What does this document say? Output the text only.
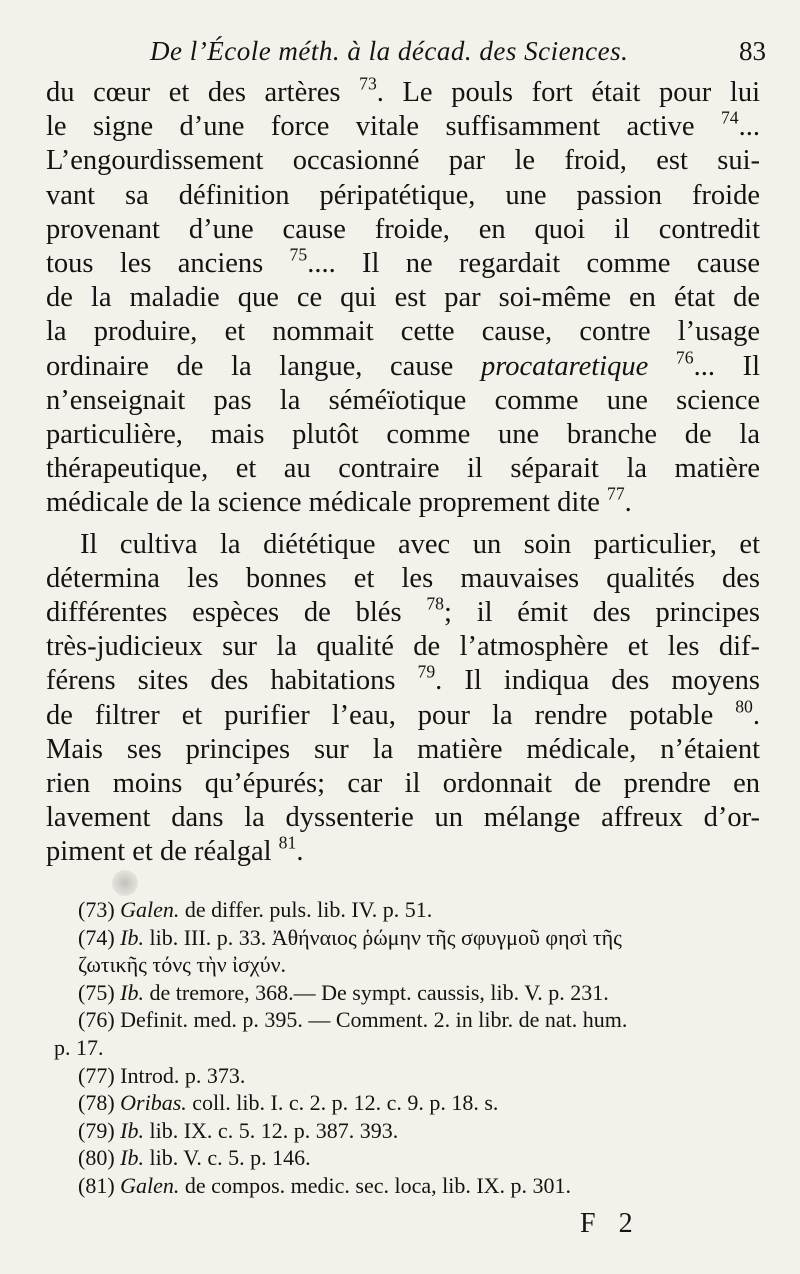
De l’École méth. à la décad. des Sciences.	83

du cœur et des artères $^{73}$. Le pouls fort était pour lui
le signe d’une force vitale suffisamment active $^{74}$...
L’engourdissement occasionné par le froid, est sui-
vant sa définition péripatétique, une passion froide
provenant d’une cause froide, en quoi il contredit
tous les anciens $^{75}$.... Il ne regardait comme cause
de la maladie que ce qui est par soi-même en état de
la produire, et nommait cette cause, contre l’usage
ordinaire de la langue, cause procataretique $^{76}$... Il
n’enseignait pas la séméïotique comme une science
particulière, mais plutôt comme une branche de la
thérapeutique, et au contraire il séparait la matière
médicale de la science médicale proprement dite $^{77}$.

Il cultiva la diététique avec un soin particulier, et
détermina les bonnes et les mauvaises qualités des
différentes espèces de blés $^{78}$; il émit des principes
très-judicieux sur la qualité de l’atmosphère et les dif-
férens sites des habitations $^{79}$. Il indiqua des moyens
de filtrer et purifier l’eau, pour la rendre potable $^{80}$.
Mais ses principes sur la matière médicale, n’étaient
rien moins qu’épurés; car il ordonnait de prendre en
lavement dans la dyssenterie un mélange affreux d’or-
piment et de réalgal $^{81}$.

(73) Galen. de differ. puls. lib. IV. p. 51.
(74) Ib. lib. III. p. 33. Ἀθήναιος ῥώμην τῆς σφυγμοῦ φησὶ τῆς
ζωτικῆς τόνς τὴν ἰσχύν.
(75) Ib. de tremore, 368.— De sympt. caussis, lib. V. p. 231.
(76) Definit. med. p. 395. — Comment. 2. in libr. de nat. hum.
p. 17.
(77) Introd. p. 373.
(78) Oribas. coll. lib. I. c. 2. p. 12. c. 9. p. 18. s.
(79) Ib. lib. IX. c. 5. 12. p. 387. 393.
(80) Ib. lib. V. c. 5. p. 146.
(81) Galen. de compos. medic. sec. loca, lib. IX. p. 301.
F 2
